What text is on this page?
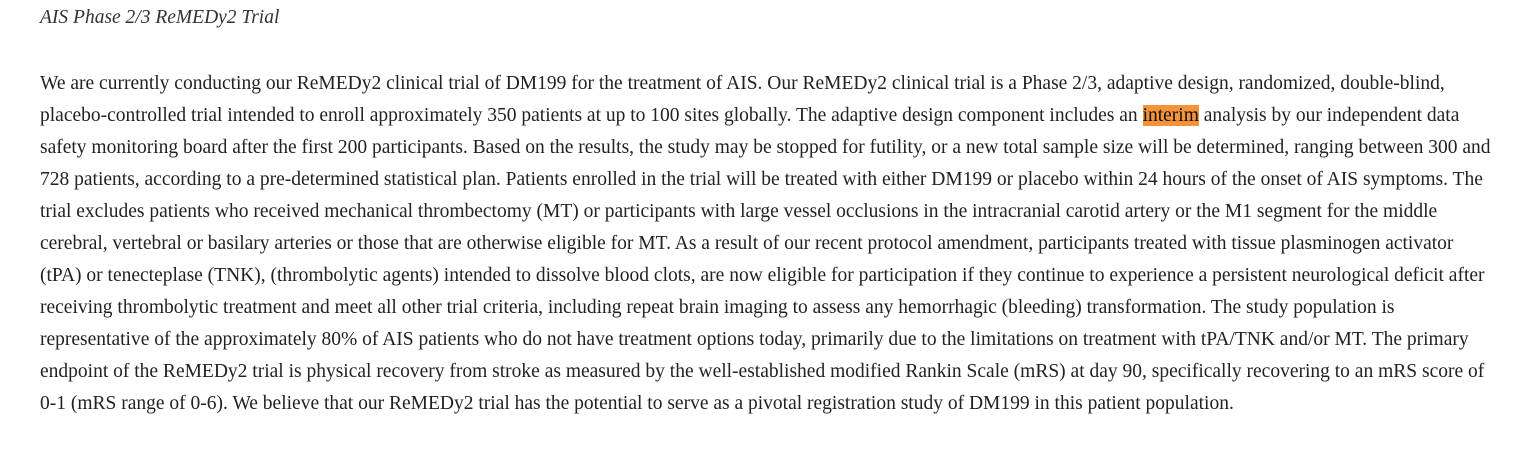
AIS Phase 2/3 ReMEDy2 Trial

We are currently conducting our ReMEDy2 clinical trial of DM199 for the treatment of AIS. Our ReMEDy2 clinical trial is a Phase 2/3, adaptive design, randomized, double-blind, placebo-controlled trial intended to enroll approximately 350 patients at up to 100 sites globally. The adaptive design component includes an interim analysis by our independent data safety monitoring board after the first 200 participants. Based on the results, the study may be stopped for futility, or a new total sample size will be determined, ranging between 300 and 728 patients, according to a pre-determined statistical plan. Patients enrolled in the trial will be treated with either DM199 or placebo within 24 hours of the onset of AIS symptoms. The trial excludes patients who received mechanical thrombectomy (MT) or participants with large vessel occlusions in the intracranial carotid artery or the M1 segment for the middle cerebral, vertebral or basilary arteries or those that are otherwise eligible for MT. As a result of our recent protocol amendment, participants treated with tissue plasminogen activator (tPA) or tenecteplase (TNK), (thrombolytic agents) intended to dissolve blood clots, are now eligible for participation if they continue to experience a persistent neurological deficit after receiving thrombolytic treatment and meet all other trial criteria, including repeat brain imaging to assess any hemorrhagic (bleeding) transformation. The study population is representative of the approximately 80% of AIS patients who do not have treatment options today, primarily due to the limitations on treatment with tPA/TNK and/or MT. The primary endpoint of the ReMEDy2 trial is physical recovery from stroke as measured by the well-established modified Rankin Scale (mRS) at day 90, specifically recovering to an mRS score of 0-1 (mRS range of 0-6). We believe that our ReMEDy2 trial has the potential to serve as a pivotal registration study of DM199 in this patient population.
